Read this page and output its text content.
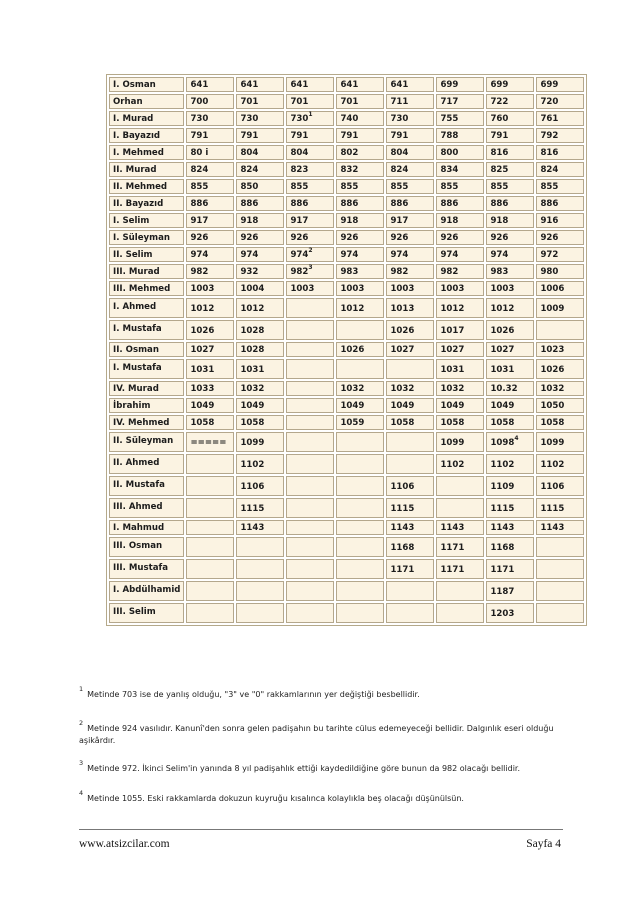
I. Osman	641	641	641	641	641	699	699	699
Orhan	700	701	701	701	711	717	722	720
I. Murad	730	730	$730^1$	740	730	755	760	761
I. Bayazıd	791	791	791	791	791	788	791	792
I. Mehmed	80 i	804	804	802	804	800	816	816
II. Murad	824	824	823	832	824	834	825	824
II. Mehmed	855	850	855	855	855	855	855	855
II. Bayazıd	886	886	886	886	886	886	886	886
I. Selim	917	918	917	918	917	918	918	916
I. Süleyman	926	926	926	926	926	926	926	926
II. Selim	974	974	$974^2$	974	974	974	974	972
III. Murad	982	932	$982^3$	983	982	982	983	980
III. Mehmed	1003	1004	1003	1003	1003	1003	1003	1006
I. Ahmed	1012	1012		1012	1013	1012	1012	1009
I. Mustafa	1026	1028			1026	1017	1026	
II. Osman	1027	1028		1026	1027	1027	1027	1023
I. Mustafa	1031	1031				1031	1031	1026
IV. Murad	1033	1032		1032	1032	1032	10.32	1032
İbrahim	1049	1049		1049	1049	1049	1049	1050
IV. Mehmed	1058	1058		1059	1058	1058	1058	1058
II. Süleyman	=====	1099				1099	1098$^4$	1099
II. Ahmed		1102				1102	1102	1102
II. Mustafa		1106			1106		1109	1106
III. Ahmed		1115			1115		1115	1115
I. Mahmud		1143			1143	1143	1143	1143
III. Osman					1168	1171	1168	
III. Mustafa					1171	1171	1171	
I. Abdülhamid							1187	
III. Selim							1203	
$^1$Metinde 703 ise de yanlış olduğu, "3" ve "0" rakkamlarının yer değiştiği besbellidir.
$^2$Metinde 924 vasılıdır. Kanunî'den sonra gelen padişahın bu tarihte cülus edemeyeceği bellidir. Dalgınlık eseri olduğu aşikârdır.
$^3$Metinde 972. İkinci Selim'in yanında 8 yıl padişahlık ettiği kaydedildiğine göre bunun da 982 olacağı bellidir.
$^4$Metinde 1055. Eski rakkamlarda dokuzun kuyruğu kısalınca kolaylıkla beş olacağı düşünülsün.
www.atsizcilar.com	Sayfa 4
